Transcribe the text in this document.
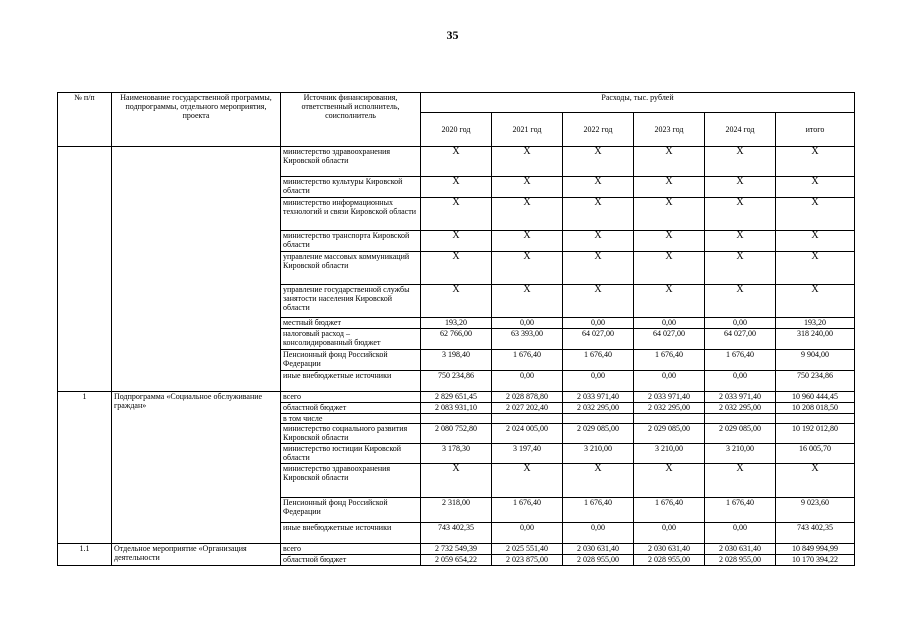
35
№ п/п	Наименование государственной программы, подпрограммы, отдельного мероприятия, проекта	Источник финансирования, ответственный исполнитель, соисполнитель	Расходы, тыс. рублей					
			2020 год	2021 год	2022 год	2023 год	2024 год	итого
		министерство здравоохранения Кировской области	X	X	X	X	X	X
		министерство культуры Кировской области	X	X	X	X	X	X
		министерство информационных технологий и связи Кировской области	X	X	X	X	X	X
		министерство транспорта Кировской области	X	X	X	X	X	X
		управление массовых коммуникаций Кировской области	X	X	X	X	X	X
		управление государственной службы занятости населения Кировской области	X	X	X	X	X	X
		местный бюджет	193,20	0,00	0,00	0,00	0,00	193,20
		налоговый расход – консолидированный бюджет	62 766,00	63 393,00	64 027,00	64 027,00	64 027,00	318 240,00
		Пенсионный фонд Российской Федерации	3 198,40	1 676,40	1 676,40	1 676,40	1 676,40	9 904,00
		иные внебюджетные источники	750 234,86	0,00	0,00	0,00	0,00	750 234,86
1	Подпрограмма «Социальное обслуживание граждан»	всего	2 829 651,45	2 028 878,80	2 033 971,40	2 033 971,40	2 033 971,40	10 960 444,45
		областной бюджет	2 083 931,10	2 027 202,40	2 032 295,00	2 032 295,00	2 032 295,00	10 208 018,50
		в том числе						
		министерство социального развития Кировской области	2 080 752,80	2 024 005,00	2 029 085,00	2 029 085,00	2 029 085,00	10 192 012,80
		министерство юстиции Кировской области	3 178,30	3 197,40	3 210,00	3 210,00	3 210,00	16 005,70
		министерство здравоохранения Кировской области	X	X	X	X	X	X
		Пенсионный фонд Российской Федерации	2 318,00	1 676,40	1 676,40	1 676,40	1 676,40	9 023,60
		иные внебюджетные источники	743 402,35	0,00	0,00	0,00	0,00	743 402,35
1.1	Отдельное мероприятие «Организация деятельности	всего	2 732 549,39	2 025 551,40	2 030 631,40	2 030 631,40	2 030 631,40	10 849 994,99
		областной бюджет	2 059 654,22	2 023 875,00	2 028 955,00	2 028 955,00	2 028 955,00	10 170 394,22
